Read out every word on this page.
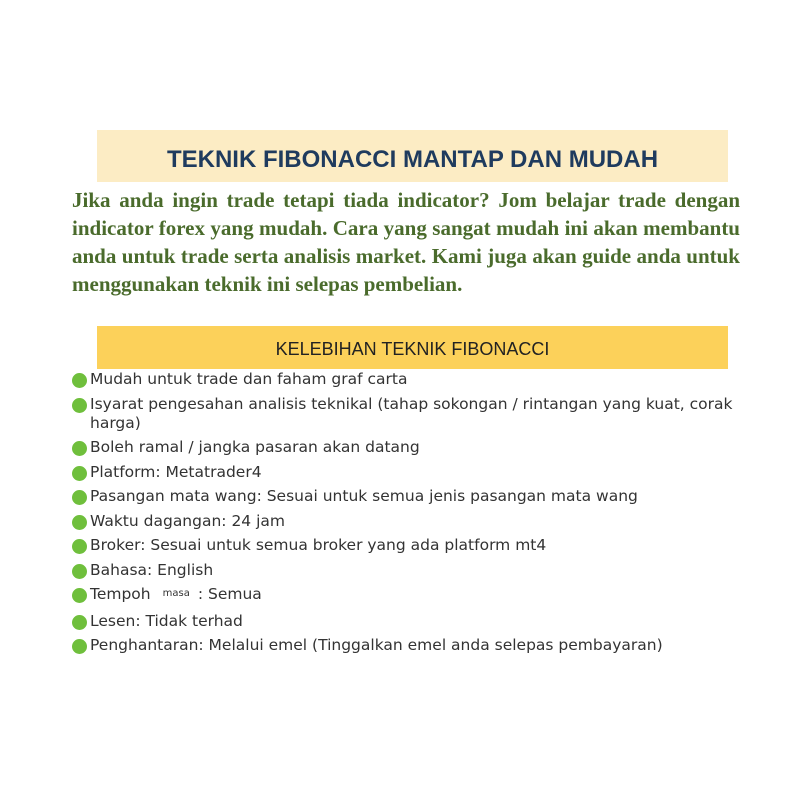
TEKNIK FIBONACCI MANTAP DAN MUDAH

Jika anda ingin trade tetapi tiada indicator? Jom belajar trade dengan indicator forex yang mudah. Cara yang sangat mudah ini akan membantu anda untuk trade serta analisis market. Kami juga akan guide anda untuk menggunakan teknik ini selepas pembelian.

KELEBIHAN TEKNIK FIBONACCI
Mudah untuk trade dan faham graf carta
Isyarat pengesahan analisis teknikal (tahap sokongan / rintangan yang kuat, corak harga)
Boleh ramal / jangka pasaran akan datang
Platform: Metatrader4
Pasangan mata wang: Sesuai untuk semua jenis pasangan mata wang
Waktu dagangan: 24 jam
Broker: Sesuai untuk semua broker yang ada platform mt4
Bahasa: English
Tempoh masa : Semua
Lesen: Tidak terhad
Penghantaran: Melalui emel (Tinggalkan emel anda selepas pembayaran)
